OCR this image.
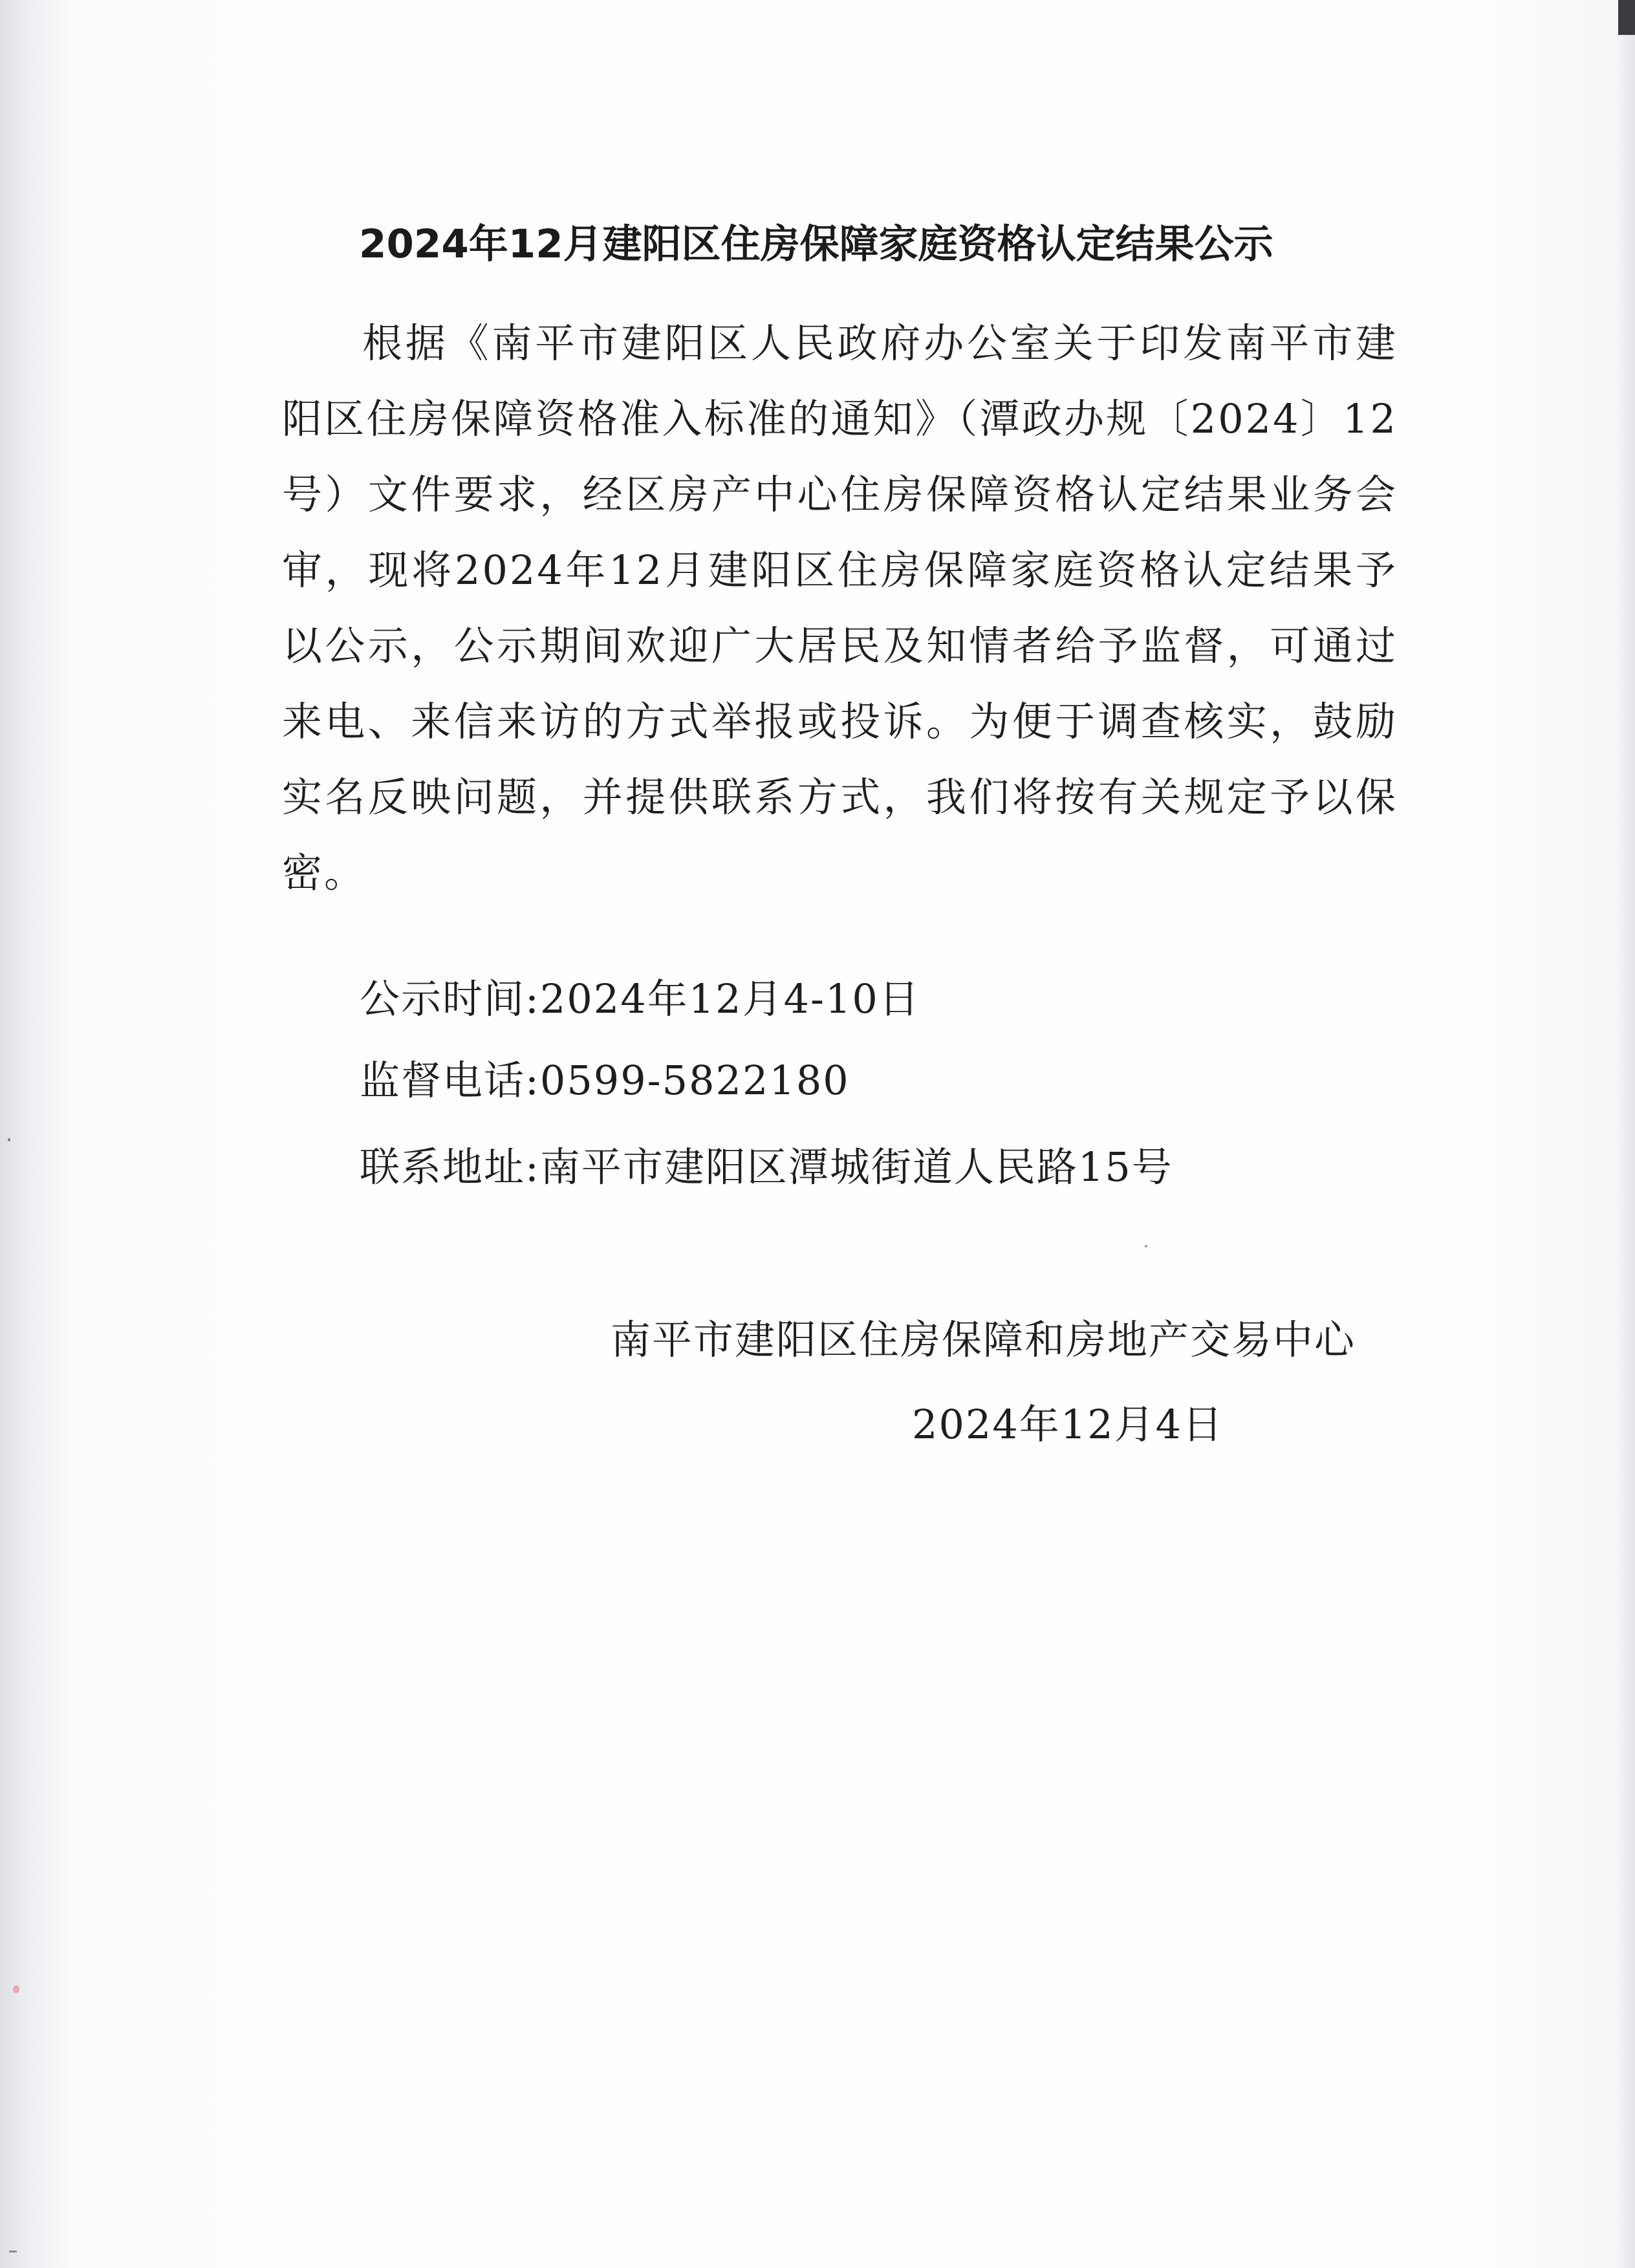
2024年12月建阳区住房保障家庭资格认定结果公示
根据《南平市建阳区人民政府办公室关于印发南平市建阳区住房保障资格准入标准的通知》（潭政办规〔2024〕12号）文件要求，经区房产中心住房保障资格认定结果业务会审，现将2024年12月建阳区住房保障家庭资格认定结果予以公示，公示期间欢迎广大居民及知情者给予监督，可通过来电、来信来访的方式举报或投诉。为便于调查核实，鼓励实名反映问题，并提供联系方式，我们将按有关规定予以保密。
公示时间:2024年12月4-10日
监督电话:0599-5822180
联系地址:南平市建阳区潭城街道人民路15号
南平市建阳区住房保障和房地产交易中心
2024年12月4日
